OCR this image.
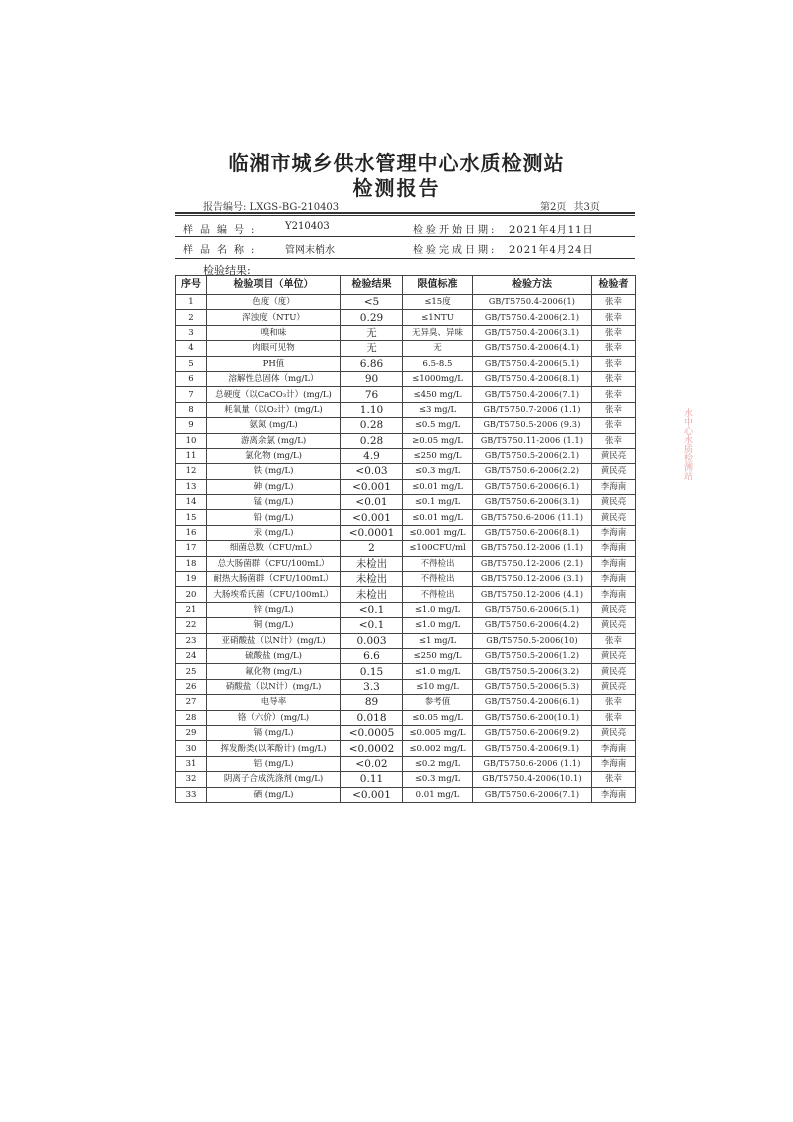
临湘市城乡供水管理中心水质检测站
检测报告
报告编号: LXGS-BG-210403	第2页 共3页
样品编号: Y210403	检验开始日期: 2021年4月11日
样品名称: 管网末梢水	检验完成日期: 2021年4月24日
检验结果:
序号	检验项目（单位）	检验结果	限值标准	检验方法	检验者
1	色度（度）	<5	≤15度	GB/T5750.4-2006(1)	张幸
2	浑浊度（NTU）	0.29	≤1NTU	GB/T5750.4-2006(2.1)	张幸
3	嗅和味	无	无异臭、异味	GB/T5750.4-2006(3.1)	张幸
4	肉眼可见物	无	无	GB/T5750.4-2006(4.1)	张幸
5	PH值	6.86	6.5-8.5	GB/T5750.4-2006(5.1)	张幸
6	溶解性总固体（mg/L）	90	≤1000mg/L	GB/T5750.4-2006(8.1)	张幸
7	总硬度（以CaCO₃计）(mg/L)	76	≤450 mg/L	GB/T5750.4-2006(7.1)	张幸
8	耗氧量（以O₂计）(mg/L)	1.10	≤3 mg/L	GB/T5750.7-2006 (1.1)	张幸
9	氨氮 (mg/L)	0.28	≤0.5 mg/L	GB/T5750.5-2006 (9.3)	张幸
10	游离余氯 (mg/L)	0.28	≥0.05 mg/L	GB/T5750.11-2006 (1.1)	张幸
11	氯化物 (mg/L)	4.9	≤250 mg/L	GB/T5750.5-2006(2.1)	黄民亮
12	铁 (mg/L)	<0.03	≤0.3 mg/L	GB/T5750.6-2006(2.2)	黄民亮
13	砷 (mg/L)	<0.001	≤0.01 mg/L	GB/T5750.6-2006(6.1)	李海南
14	锰 (mg/L)	<0.01	≤0.1 mg/L	GB/T5750.6-2006(3.1)	黄民亮
15	铅 (mg/L)	<0.001	≤0.01 mg/L	GB/T5750.6-2006 (11.1)	黄民亮
16	汞 (mg/L)	<0.0001	≤0.001 mg/L	GB/T5750.6-2006(8.1)	李海南
17	细菌总数（CFU/mL）	2	≤100CFU/ml	GB/T5750.12-2006 (1.1)	李海南
18	总大肠菌群（CFU/100mL）	未检出	不得检出	GB/T5750.12-2006 (2.1)	李海南
19	耐热大肠菌群（CFU/100mL）	未检出	不得检出	GB/T5750.12-2006 (3.1)	李海南
20	大肠埃希氏菌（CFU/100mL）	未检出	不得检出	GB/T5750.12-2006 (4.1)	李海南
21	锌 (mg/L)	<0.1	≤1.0 mg/L	GB/T5750.6-2006(5.1)	黄民亮
22	铜 (mg/L)	<0.1	≤1.0 mg/L	GB/T5750.6-2006(4.2)	黄民亮
23	亚硝酸盐（以N计）(mg/L)	0.003	≤1 mg/L	GB/T5750.5-2006(10)	张幸
24	硫酸盐 (mg/L)	6.6	≤250 mg/L	GB/T5750.5-2006(1.2)	黄民亮
25	氟化物 (mg/L)	0.15	≤1.0 mg/L	GB/T5750.5-2006(3.2)	黄民亮
26	硝酸盐（以N计）(mg/L)	3.3	≤10 mg/L	GB/T5750.5-2006(5.3)	黄民亮
27	电导率	89	参考值	GB/T5750.4-2006(6.1)	张幸
28	铬（六价）(mg/L)	0.018	≤0.05 mg/L	GB/T5750.6-200(10.1)	张幸
29	镉 (mg/L)	<0.0005	≤0.005 mg/L	GB/T5750.6-2006(9.2)	黄民亮
30	挥发酚类(以苯酚计) (mg/L)	<0.0002	≤0.002 mg/L	GB/T5750.4-2006(9.1)	李海南
31	铝 (mg/L)	<0.02	≤0.2 mg/L	GB/T5750.6-2006 (1.1)	李海南
32	阴离子合成洗涤剂 (mg/L)	0.11	≤0.3 mg/L	GB/T5750.4-2006(10.1)	张幸
33	硒 (mg/L)	<0.001	0.01 mg/L	GB/T5750.6-2006(7.1)	李海南
水中心水质检测站
